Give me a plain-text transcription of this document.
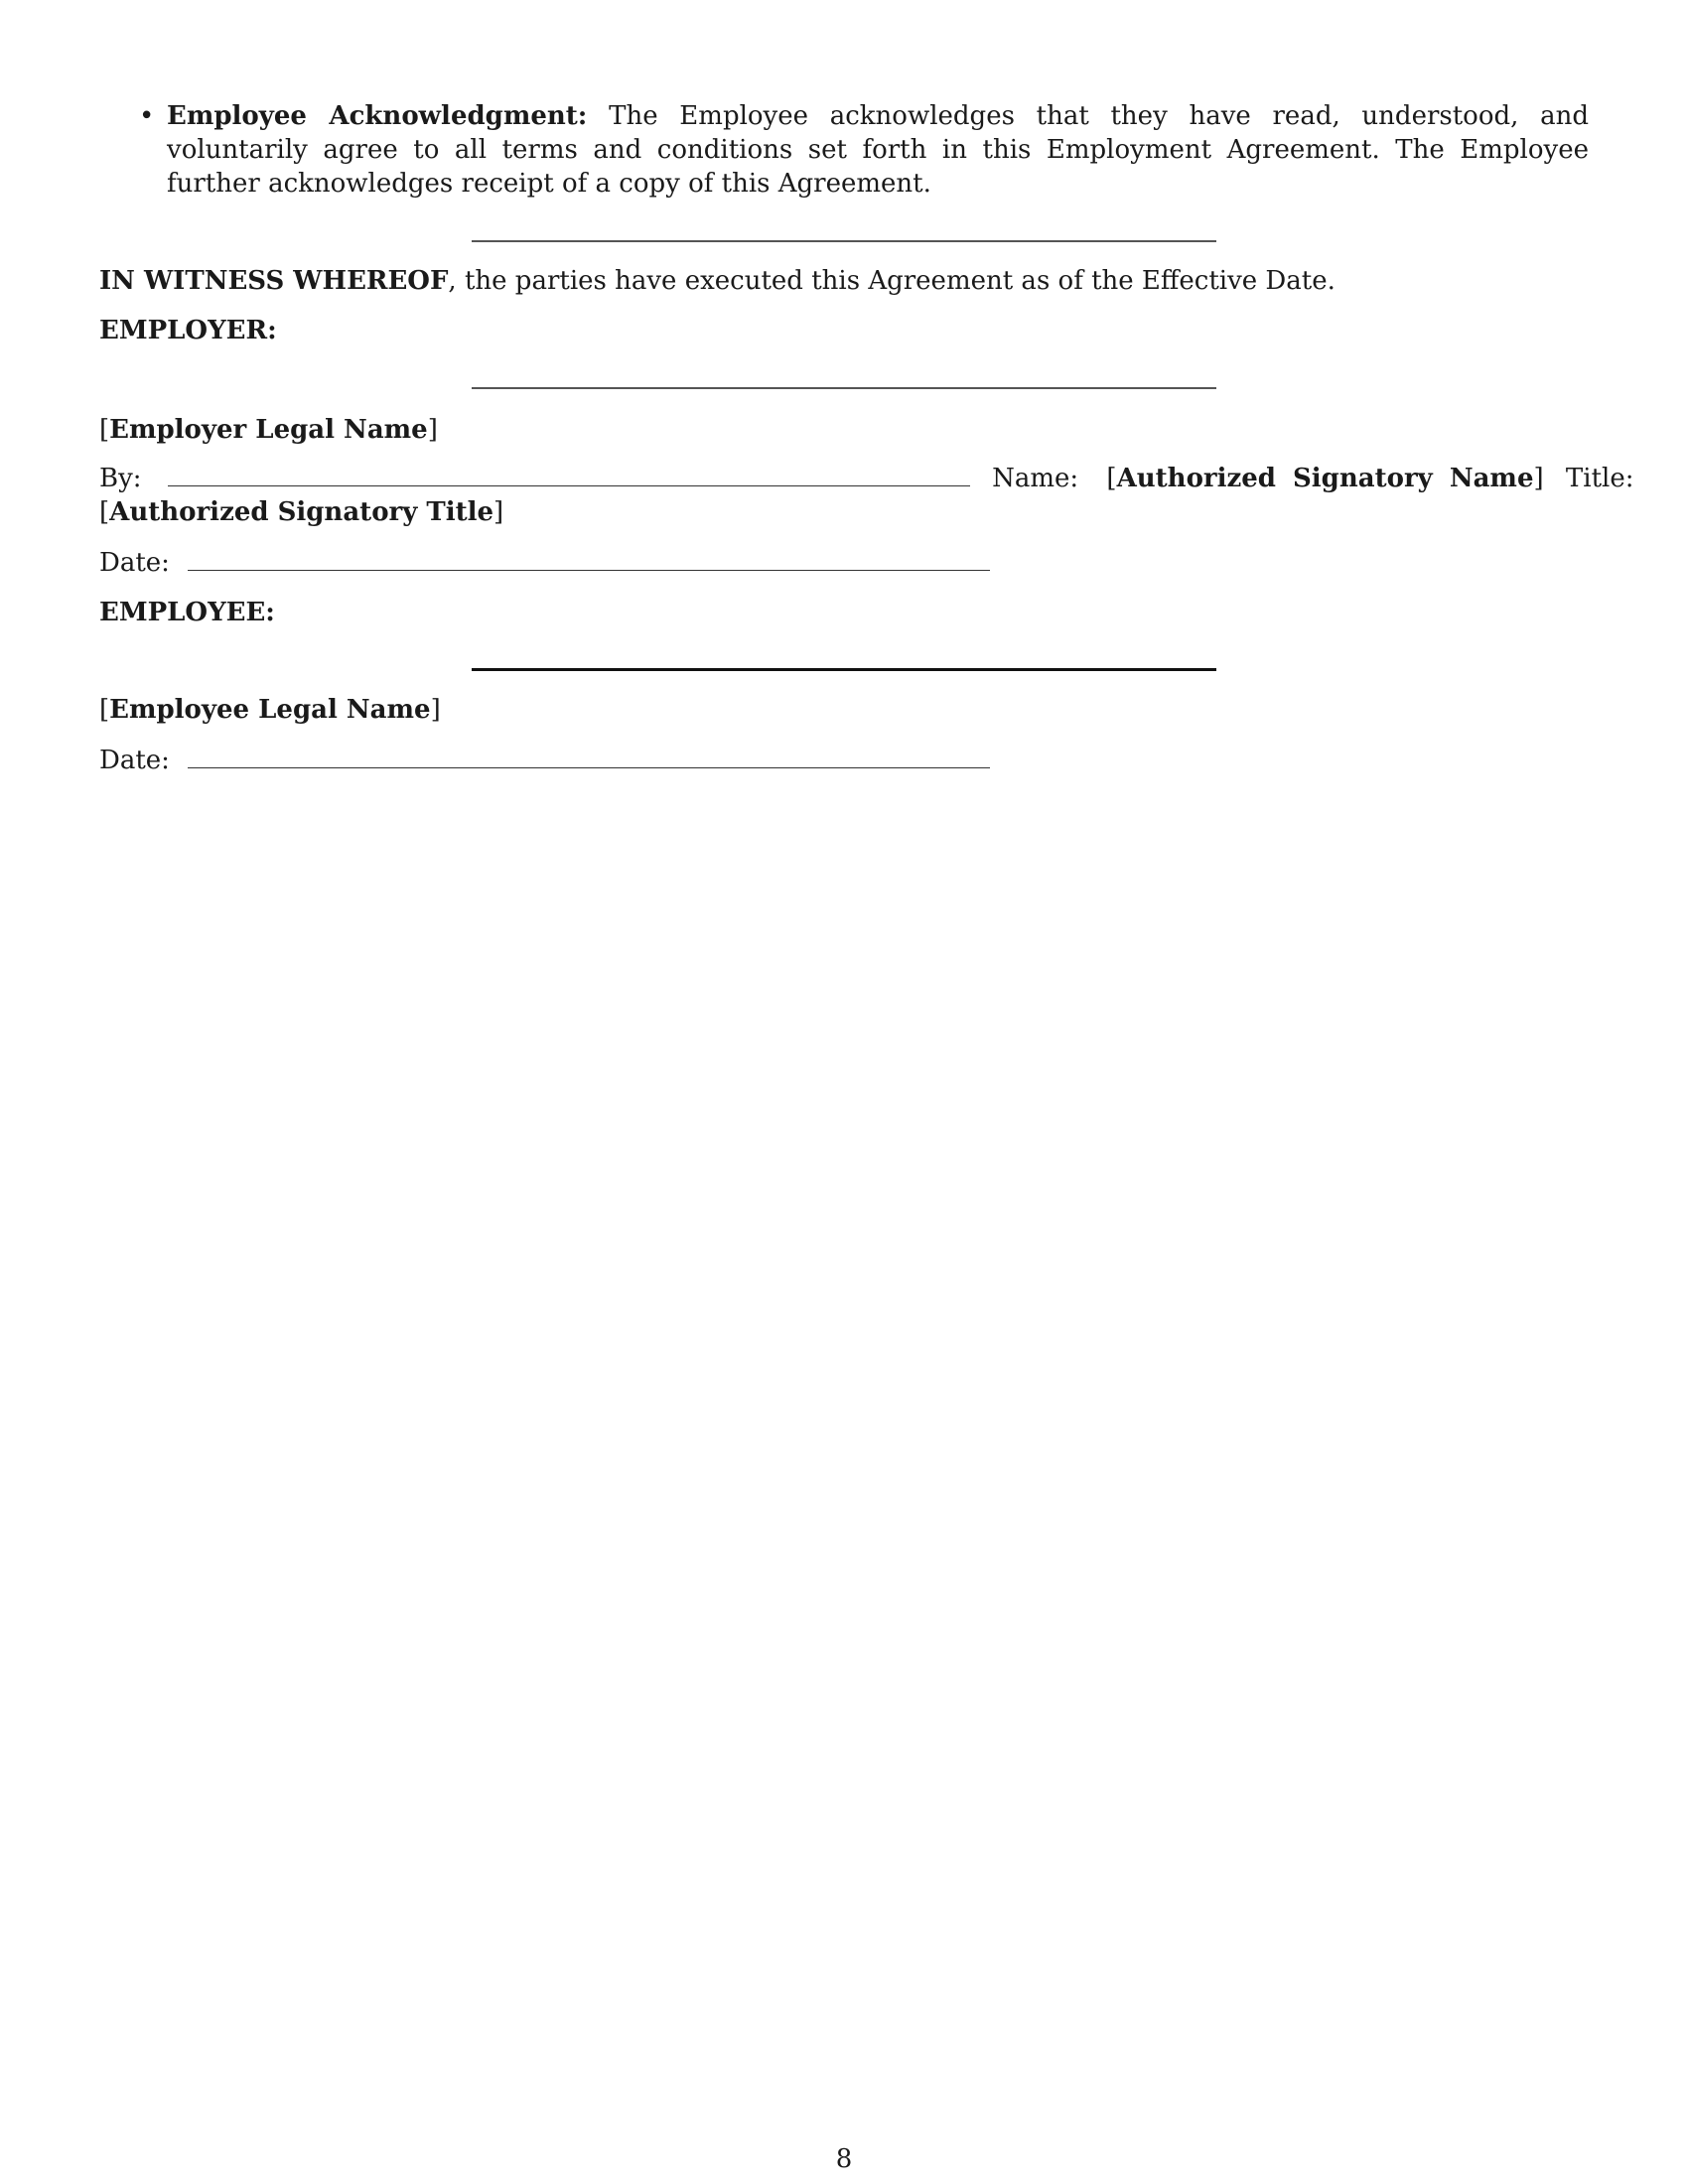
• Employee Acknowledgment: The Employee acknowledges that they have read, understood, and voluntarily agree to all terms and conditions set forth in this Employment Agreement. The Employee further acknowledges receipt of a copy of this Agreement.
IN WITNESS WHEREOF, the parties have executed this Agreement as of the Effective Date.
EMPLOYER:
[Employer Legal Name]
By:	Name: [Authorized Signatory Name] Title:
[Authorized Signatory Title]
Date:
EMPLOYEE:
[Employee Legal Name]
Date:
8
